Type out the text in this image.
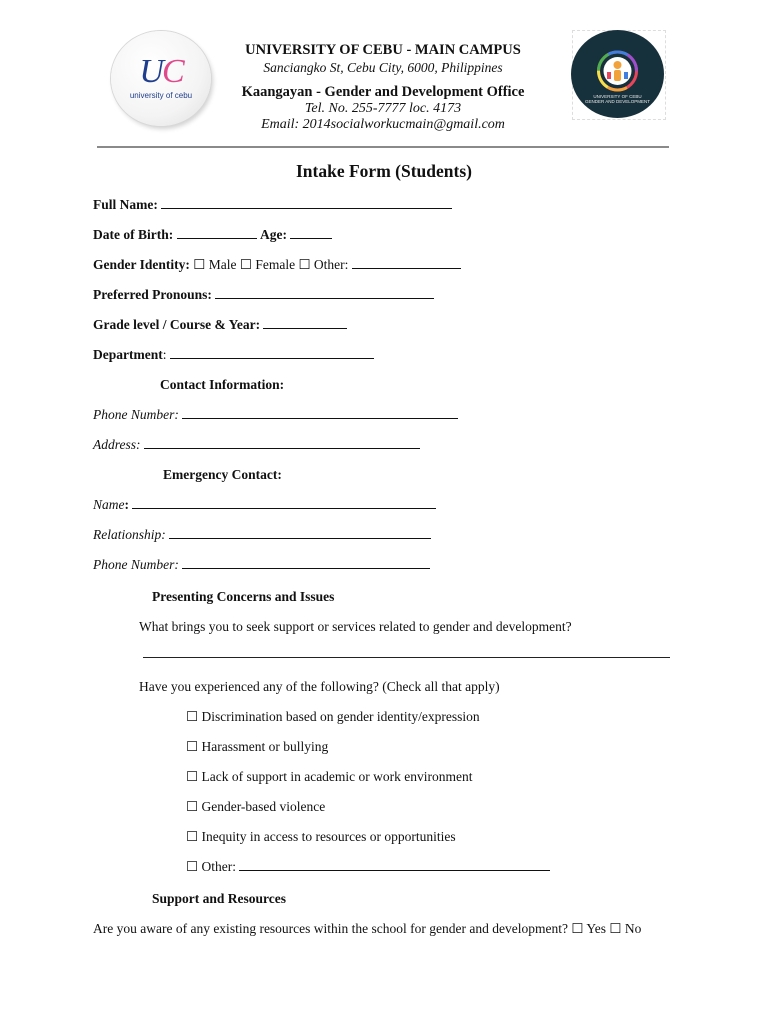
UC
university of cebu	UNIVERSITY OF CEBU GENDER AND DEVELOPMENT
UNIVERSITY OF CEBU - MAIN CAMPUS
Sanciangko St, Cebu City, 6000, Philippines
Kaangayan - Gender and Development Office
Tel. No. 255-7777 loc. 4173
Email: 2014socialworkucmain@gmail.com
Intake Form (Students)
Full Name:
Date of Birth:	Age:
Gender Identity: ☐ Male ☐ Female ☐ Other:
Preferred Pronouns:
Grade level / Course & Year:
Department:
Contact Information:
Phone Number:
Address:
Emergency Contact:
Name:
Relationship:
Phone Number:
Presenting Concerns and Issues
What brings you to seek support or services related to gender and development?
Have you experienced any of the following? (Check all that apply)
☐ Discrimination based on gender identity/expression
☐ Harassment or bullying
☐ Lack of support in academic or work environment
☐ Gender-based violence
☐ Inequity in access to resources or opportunities
☐ Other:
Support and Resources
Are you aware of any existing resources within the school for gender and development? ☐ Yes ☐ No
